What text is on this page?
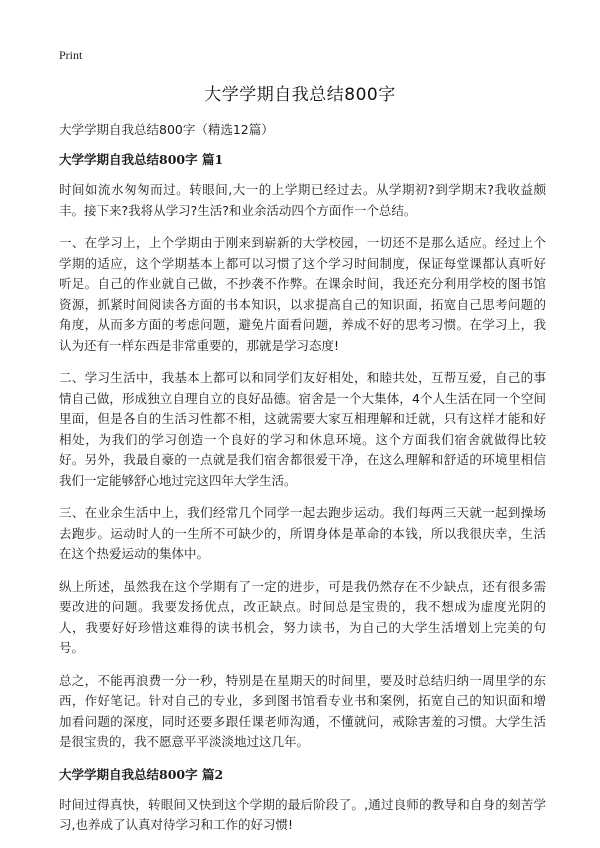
Print
大学学期自我总结800字

大学学期自我总结800字（精选12篇）

大学学期自我总结800字 篇1

时间如流水匆匆而过。转眼间,大一的上学期已经过去。从学期初?到学期末?我收益颇丰。接下来?我将从学习?生活?和业余活动四个方面作一个总结。

一、在学习上，上个学期由于刚来到崭新的大学校园，一切还不是那么适应。经过上个学期的适应，这个学期基本上都可以习惯了这个学习时间制度，保证每堂课都认真听好听足。自己的作业就自己做，不抄袭不作弊。在课余时间，我还充分利用学校的图书馆资源，抓紧时间阅读各方面的书本知识，以求提高自己的知识面，拓宽自己思考问题的角度，从而多方面的考虑问题，避免片面看问题，养成不好的思考习惯。在学习上，我认为还有一样东西是非常重要的，那就是学习态度!

二、学习生活中，我基本上都可以和同学们友好相处，和睦共处，互帮互爱，自己的事情自己做，形成独立自理自立的良好品德。宿舍是一个大集体，4个人生活在同一个空间里面，但是各自的生活习性都不相，这就需要大家互相理解和迁就，只有这样才能和好相处，为我们的学习创造一个良好的学习和休息环境。这个方面我们宿舍就做得比较好。另外，我最自豪的一点就是我们宿舍都很爱干净，在这么理解和舒适的环境里相信我们一定能够舒心地过完这四年大学生活。

三、在业余生活中上，我们经常几个同学一起去跑步运动。我们每两三天就一起到操场去跑步。运动时人的一生所不可缺少的，所谓身体是革命的本钱，所以我很庆幸，生活在这个热爱运动的集体中。

纵上所述，虽然我在这个学期有了一定的进步，可是我仍然存在不少缺点，还有很多需要改进的问题。我要发扬优点，改正缺点。时间总是宝贵的，我不想成为虚度光阴的人，我要好好珍惜这难得的读书机会，努力读书，为自己的大学生活增划上完美的句号。

总之，不能再浪费一分一秒，特别是在星期天的时间里，要及时总结归纳一周里学的东西，作好笔记。针对自己的专业，多到图书馆看专业书和案例，拓宽自己的知识面和增加看问题的深度，同时还要多跟任课老师沟通，不懂就问，戒除害羞的习惯。大学生活是很宝贵的，我不愿意平平淡淡地过这几年。

大学学期自我总结800字 篇2

时间过得真快，转眼间又快到这个学期的最后阶段了。,通过良师的教导和自身的刻苦学习,也养成了认真对待学习和工作的好习惯!
